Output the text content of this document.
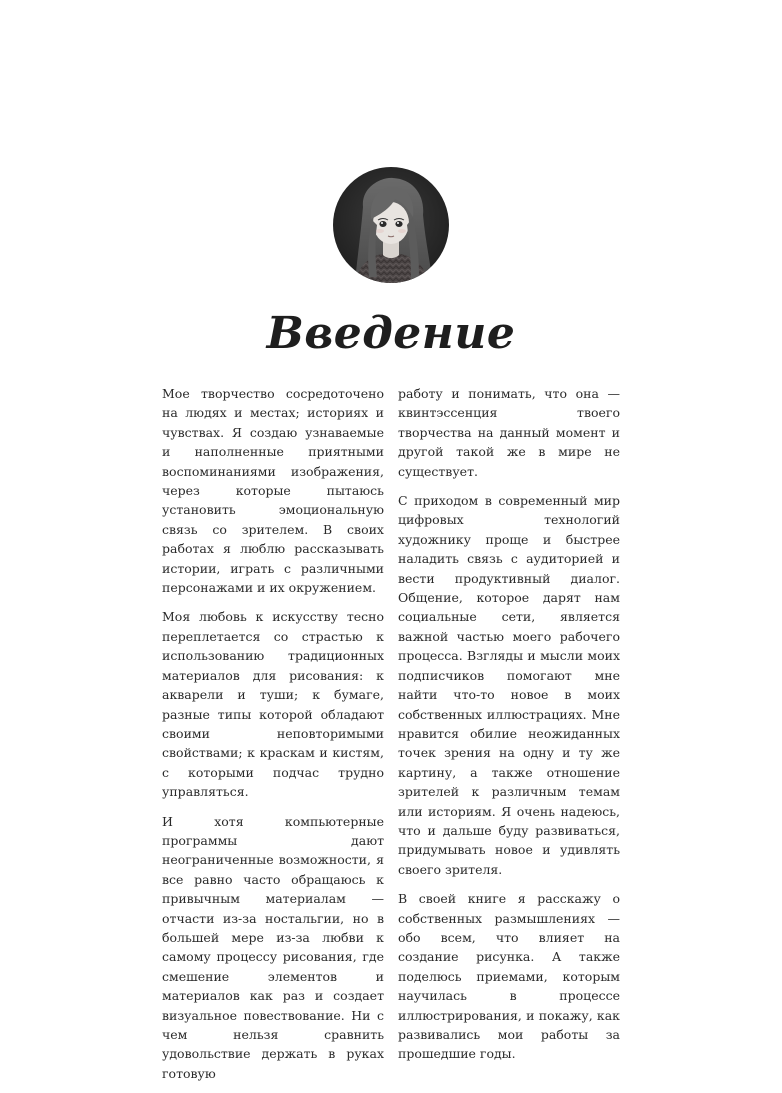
Введение

Мое творчество сосредоточено на людях и местах; историях и чувствах. Я создаю узнаваемые и наполненные приятными воспоминаниями изображения, через которые пытаюсь установить эмоциональную связь со зрителем. В своих работах я люблю рассказывать истории, играть с различными персонажами и их окружением.

Моя любовь к искусству тесно переплетается со страстью к использованию традиционных материалов для рисования: к акварели и туши; к бумаге, разные типы которой обладают своими неповторимыми свойствами; к краскам и кистям, с которыми подчас трудно управляться.

И хотя компьютерные программы дают неограниченные возможности, я все равно часто обращаюсь к привычным материалам — отчасти из-за ностальгии, но в большей мере из-за любви к самому процессу рисования, где смешение элементов и материалов как раз и создает визуальное повествование. Ни с чем нельзя сравнить удовольствие держать в руках готовую

работу и понимать, что она — квинтэссенция твоего творчества на данный момент и другой такой же в мире не существует.

С приходом в современный мир цифровых технологий художнику проще и быстрее наладить связь с аудиторией и вести продуктивный диалог. Общение, которое дарят нам социальные сети, является важной частью моего рабочего процесса. Взгляды и мысли моих подписчиков помогают мне найти что-то новое в моих собственных иллюстрациях. Мне нравится обилие неожиданных точек зрения на одну и ту же картину, а также отношение зрителей к различным темам или историям. Я очень надеюсь, что и дальше буду развиваться, придумывать новое и удивлять своего зрителя.

В своей книге я расскажу о собственных размышлениях — обо всем, что влияет на создание рисунка. А также поделюсь приемами, которым научилась в процессе иллюстрирования, и покажу, как развивались мои работы за прошедшие годы.
